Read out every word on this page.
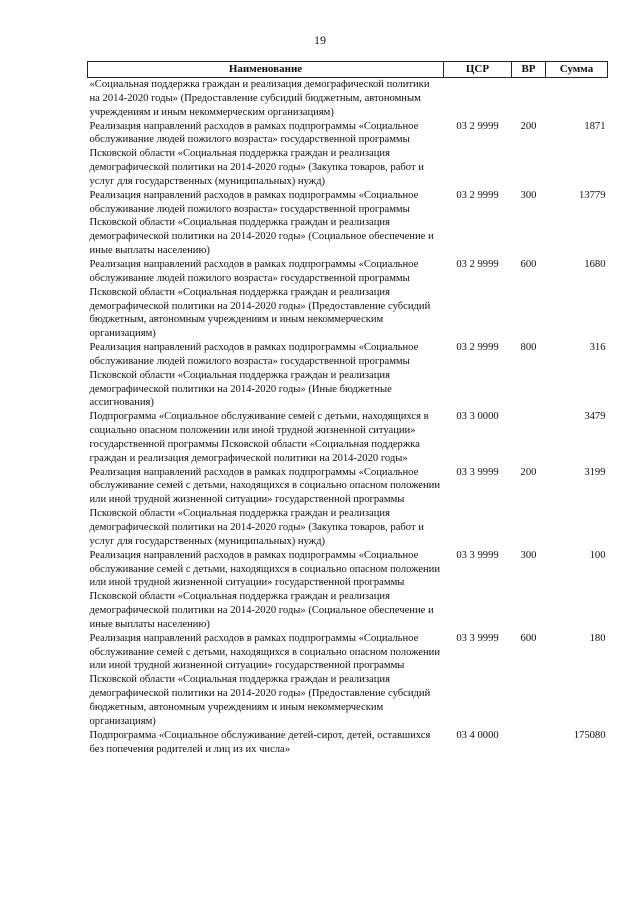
19
Наименование	ЦСР	ВР	Сумма
«Социальная поддержка граждан и реализация демографической политики на 2014-2020 годы» (Предоставление субсидий бюджетным, автономным учреждениям и иным некоммерческим организациям)			
Реализация направлений расходов в рамках подпрограммы «Социальное обслуживание людей пожилого возраста» государственной программы Псковской области «Социальная поддержка граждан и реализация демографической политики на 2014-2020 годы» (Закупка товаров, работ и услуг для государственных (муниципальных) нужд)	03 2 9999	200	1871
Реализация направлений расходов в рамках подпрограммы «Социальное обслуживание людей пожилого возраста» государственной программы Псковской области «Социальная поддержка граждан и реализация демографической политики на 2014-2020 годы» (Социальное обеспечение и иные выплаты населению)	03 2 9999	300	13779
Реализация направлений расходов в рамках подпрограммы «Социальное обслуживание людей пожилого возраста» государственной программы Псковской области «Социальная поддержка граждан и реализация демографической политики на 2014-2020 годы» (Предоставление субсидий бюджетным, автономным учреждениям и иным некоммерческим организациям)	03 2 9999	600	1680
Реализация направлений расходов в рамках подпрограммы «Социальное обслуживание людей пожилого возраста» государственной программы Псковской области «Социальная поддержка граждан и реализация демографической политики на 2014-2020 годы» (Иные бюджетные ассигнования)	03 2 9999	800	316
Подпрограмма «Социальное обслуживание семей с детьми, находящихся в социально опасном положении или иной трудной жизненной ситуации» государственной программы Псковской области «Социальная поддержка граждан и реализация демографической политики на 2014-2020 годы»	03 3 0000		3479
Реализация направлений расходов в рамках подпрограммы «Социальное обслуживание семей с детьми, находящихся в социально опасном положении или иной трудной жизненной ситуации» государственной программы Псковской области «Социальная поддержка граждан и реализация демографической политики на 2014-2020 годы» (Закупка товаров, работ и услуг для государственных (муниципальных) нужд)	03 3 9999	200	3199
Реализация направлений расходов в рамках подпрограммы «Социальное обслуживание семей с детьми, находящихся в социально опасном положении или иной трудной жизненной ситуации» государственной программы Псковской области «Социальная поддержка граждан и реализация демографической политики на 2014-2020 годы» (Социальное обеспечение и иные выплаты населению)	03 3 9999	300	100
Реализация направлений расходов в рамках подпрограммы «Социальное обслуживание семей с детьми, находящихся в социально опасном положении или иной трудной жизненной ситуации» государственной программы Псковской области «Социальная поддержка граждан и реализация демографической политики на 2014-2020 годы» (Предоставление субсидий бюджетным, автономным учреждениям и иным некоммерческим организациям)	03 3 9999	600	180
Подпрограмма «Социальное обслуживание детей-сирот, детей, оставшихся без попечения родителей и лиц из их числа»	03 4 0000		175080
